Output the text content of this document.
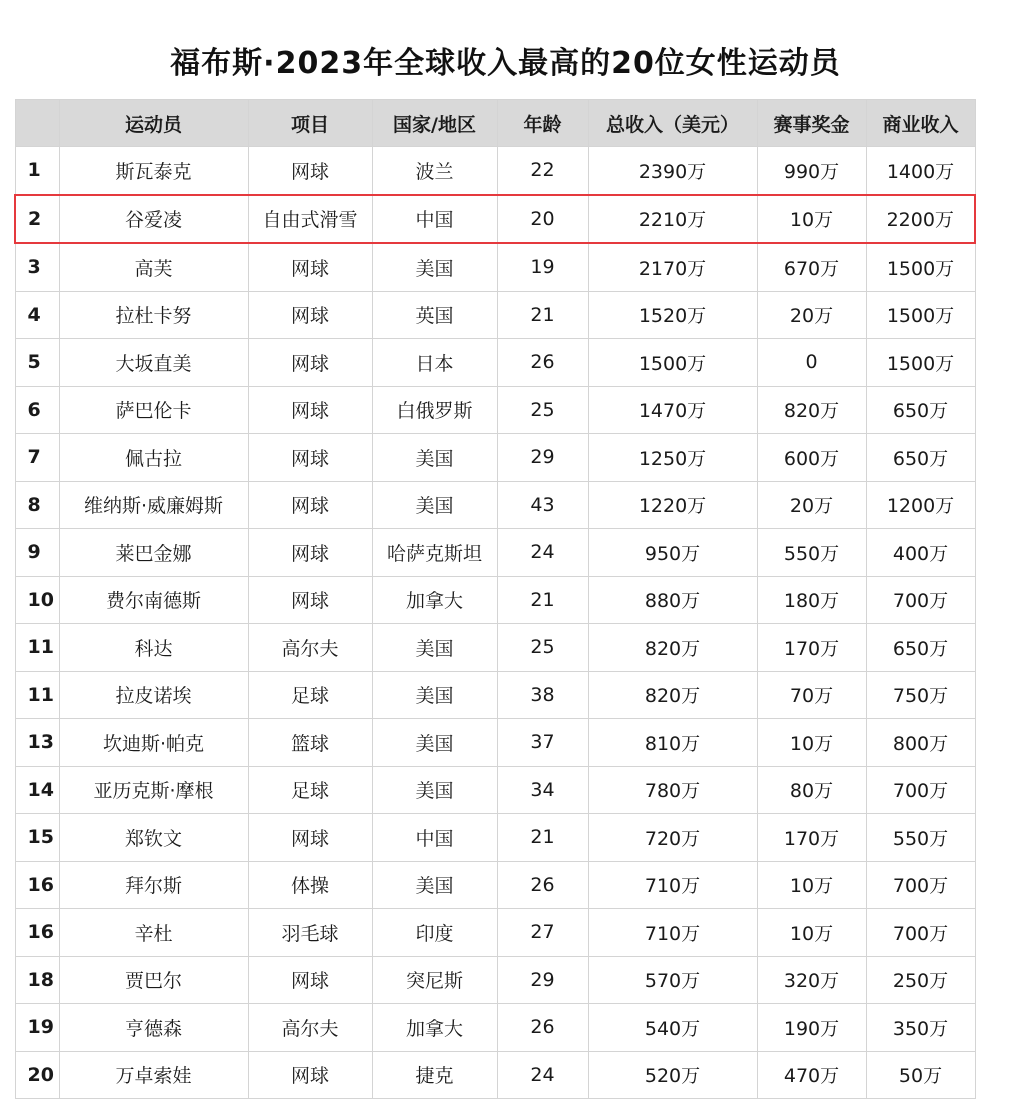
福布斯·2023年全球收入最高的20位女性运动员
	运动员	项目	国家/地区	年龄	总收入（美元）	赛事奖金	商业收入
1	斯瓦泰克	网球	波兰	22	2390万	990万	1400万
2	谷爱凌	自由式滑雪	中国	20	2210万	10万	2200万
3	高芙	网球	美国	19	2170万	670万	1500万
4	拉杜卡努	网球	英国	21	1520万	20万	1500万
5	大坂直美	网球	日本	26	1500万	0	1500万
6	萨巴伦卡	网球	白俄罗斯	25	1470万	820万	650万
7	佩古拉	网球	美国	29	1250万	600万	650万
8	维纳斯·威廉姆斯	网球	美国	43	1220万	20万	1200万
9	莱巴金娜	网球	哈萨克斯坦	24	950万	550万	400万
10	费尔南德斯	网球	加拿大	21	880万	180万	700万
11	科达	高尔夫	美国	25	820万	170万	650万
11	拉皮诺埃	足球	美国	38	820万	70万	750万
13	坎迪斯·帕克	篮球	美国	37	810万	10万	800万
14	亚历克斯·摩根	足球	美国	34	780万	80万	700万
15	郑钦文	网球	中国	21	720万	170万	550万
16	拜尔斯	体操	美国	26	710万	10万	700万
16	辛杜	羽毛球	印度	27	710万	10万	700万
18	贾巴尔	网球	突尼斯	29	570万	320万	250万
19	亨德森	高尔夫	加拿大	26	540万	190万	350万
20	万卓索娃	网球	捷克	24	520万	470万	50万
